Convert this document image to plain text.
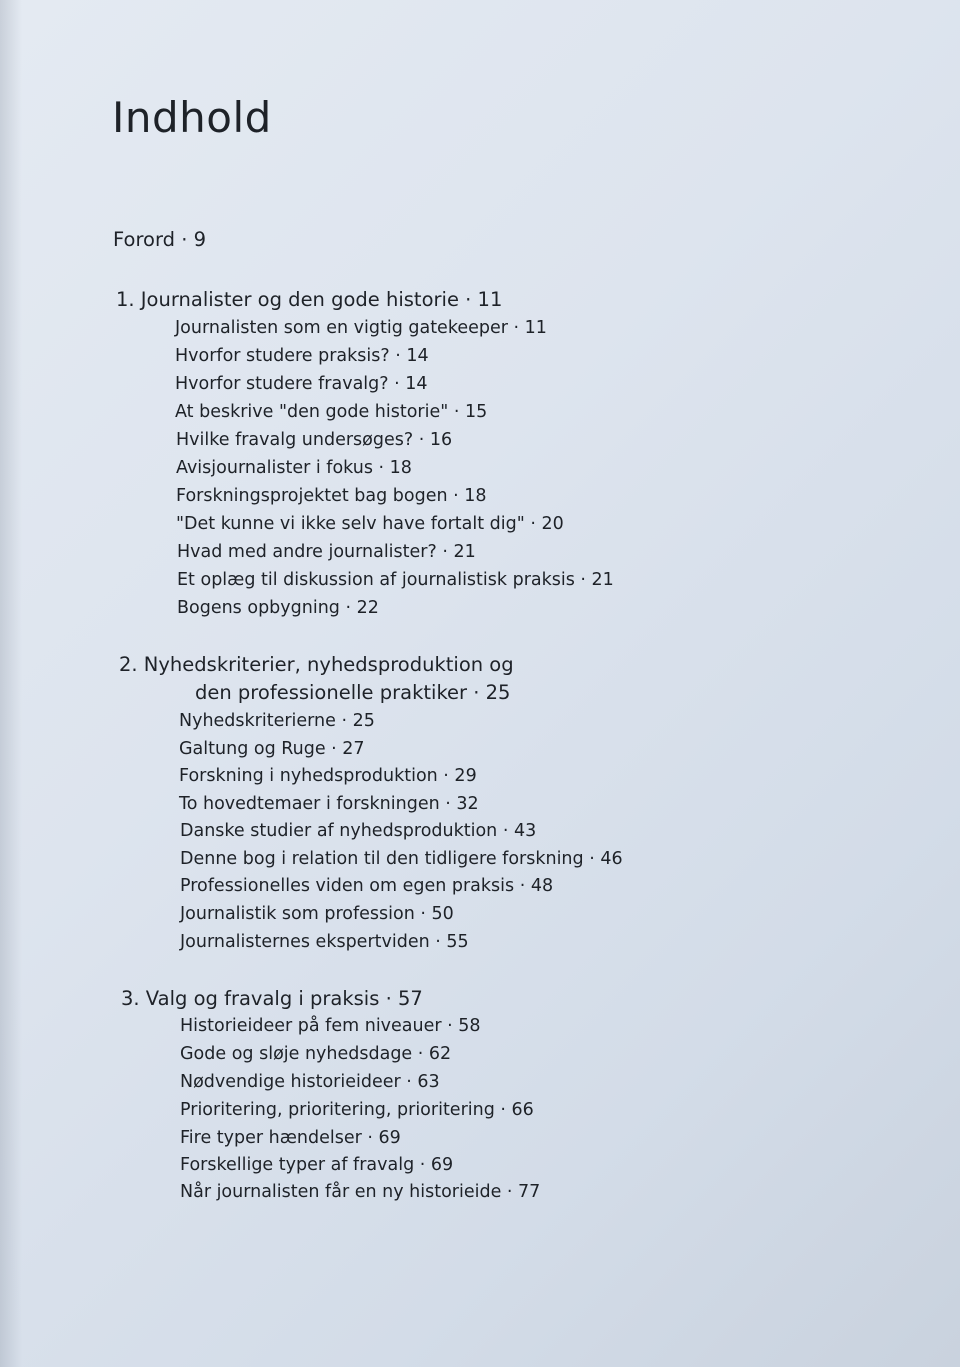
Indhold
Forord · 9
1. Journalister og den gode historie · 11
Journalisten som en vigtig gatekeeper · 11
Hvorfor studere praksis? · 14
Hvorfor studere fravalg? · 14
At beskrive "den gode historie" · 15
Hvilke fravalg undersøges? · 16
Avisjournalister i fokus · 18
Forskningsprojektet bag bogen · 18
"Det kunne vi ikke selv have fortalt dig" · 20
Hvad med andre journalister? · 21
Et oplæg til diskussion af journalistisk praksis · 21
Bogens opbygning · 22
2. Nyhedskriterier, nyhedsproduktion og
den professionelle praktiker · 25
Nyhedskriterierne · 25
Galtung og Ruge · 27
Forskning i nyhedsproduktion · 29
To hovedtemaer i forskningen · 32
Danske studier af nyhedsproduktion · 43
Denne bog i relation til den tidligere forskning · 46
Professionelles viden om egen praksis · 48
Journalistik som profession · 50
Journalisternes ekspertviden · 55
3. Valg og fravalg i praksis · 57
Historieideer på fem niveauer · 58
Gode og sløje nyhedsdage · 62
Nødvendige historieideer · 63
Prioritering, prioritering, prioritering · 66
Fire typer hændelser · 69
Forskellige typer af fravalg · 69
Når journalisten får en ny historieide · 77
